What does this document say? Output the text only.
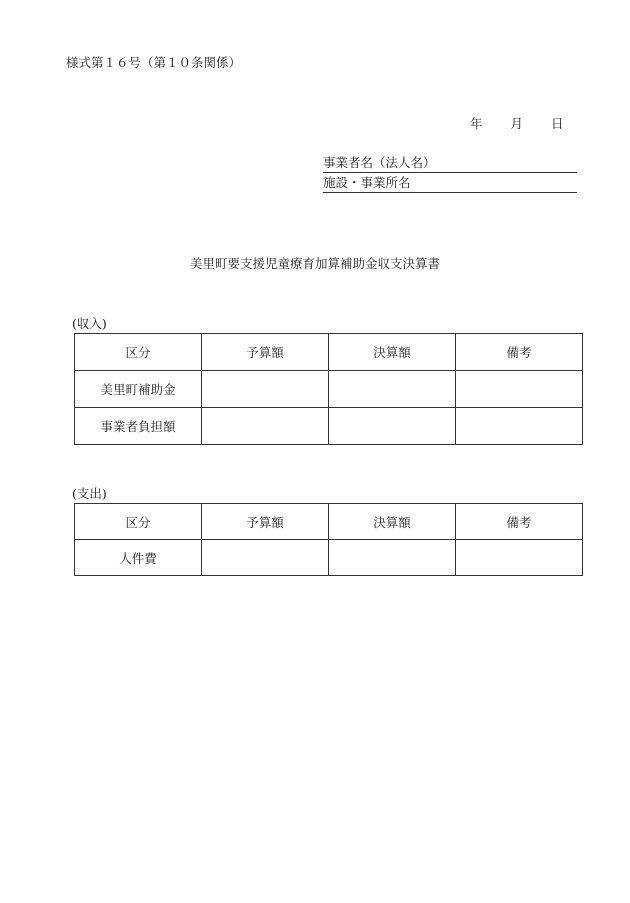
様式第１６号（第１０条関係）
年 月 日
事業者名（法人名）
施設・事業所名
美里町要支援児童療育加算補助金収支決算書
(収入)
区分	予算額	決算額	備考
美里町補助金			
事業者負担額			
(支出)
区分	予算額	決算額	備考
人件費			
